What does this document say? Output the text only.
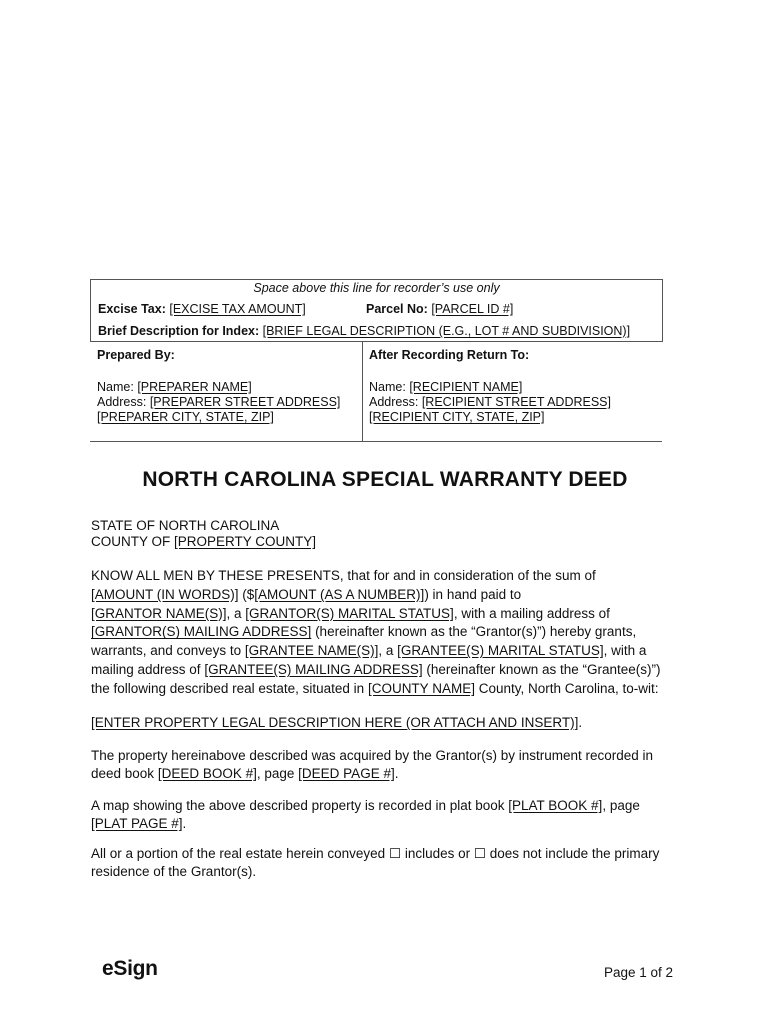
Space above this line for recorder’s use only
Excise Tax: [EXCISE TAX AMOUNT]	Parcel No: [PARCEL ID #]
Brief Description for Index: [BRIEF LEGAL DESCRIPTION (E.G., LOT # AND SUBDIVISION)]
Prepared By:
Name: [PREPARER NAME]
Address: [PREPARER STREET ADDRESS]
[PREPARER CITY, STATE, ZIP]
After Recording Return To:
Name: [RECIPIENT NAME]
Address: [RECIPIENT STREET ADDRESS]
[RECIPIENT CITY, STATE, ZIP]
NORTH CAROLINA SPECIAL WARRANTY DEED
STATE OF NORTH CAROLINA
COUNTY OF [PROPERTY COUNTY]
KNOW ALL MEN BY THESE PRESENTS, that for and in consideration of the sum of
[AMOUNT (IN WORDS)] ($[AMOUNT (AS A NUMBER)]) in hand paid to
[GRANTOR NAME(S)], a [GRANTOR(S) MARITAL STATUS], with a mailing address of
[GRANTOR(S) MAILING ADDRESS] (hereinafter known as the “Grantor(s)”) hereby grants,
warrants, and conveys to [GRANTEE NAME(S)], a [GRANTEE(S) MARITAL STATUS], with a
mailing address of [GRANTEE(S) MAILING ADDRESS] (hereinafter known as the “Grantee(s)”)
the following described real estate, situated in [COUNTY NAME] County, North Carolina, to-wit:
[ENTER PROPERTY LEGAL DESCRIPTION HERE (OR ATTACH AND INSERT)].
The property hereinabove described was acquired by the Grantor(s) by instrument recorded in
deed book [DEED BOOK #], page [DEED PAGE #].
A map showing the above described property is recorded in plat book [PLAT BOOK #], page
[PLAT PAGE #].
All or a portion of the real estate herein conveyed ☐ includes or ☐ does not include the primary
residence of the Grantor(s).
eSign	Page 1 of 2
